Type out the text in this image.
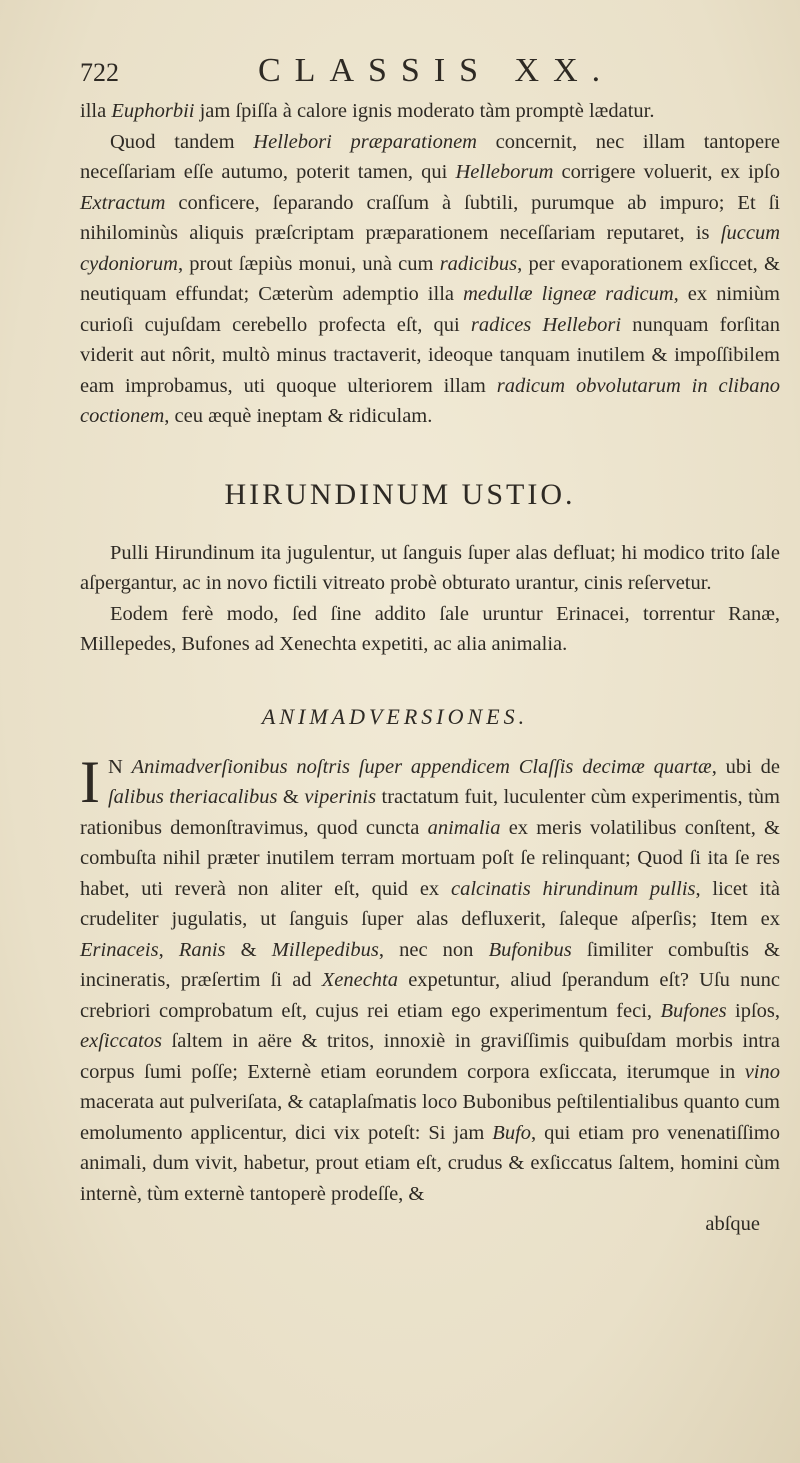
722	CLASSIS XX.

illa Euphorbii jam ſpiſſa à calore ignis moderato tàm promptè lædatur.

Quod tandem Hellebori præparationem concernit, nec illam tantopere neceſſariam eſſe autumo, poterit tamen, qui Helleborum corrigere voluerit, ex ipſo Extractum conficere, ſeparando craſſum à ſubtili, purumque ab impuro; Et ſi nihilominùs aliquis præſcriptam præparationem neceſſariam reputaret, is ſuccum cydoniorum, prout ſæpiùs monui, unà cum radicibus, per evaporationem exſiccet, & neutiquam effundat; Cæterùm ademptio illa medullæ ligneæ radicum, ex nimiùm curioſi cujuſdam cerebello profecta eſt, qui radices Hellebori nunquam forſitan viderit aut nôrit, multò minus tractaverit, ideoque tanquam inutilem & impoſſibilem eam improbamus, uti quoque ulteriorem illam radicum obvolutarum in clibano coctionem, ceu æquè ineptam & ridiculam.

HIRUNDINUM USTIO.

Pulli Hirundinum ita jugulentur, ut ſanguis ſuper alas defluat; hi modico trito ſale aſpergantur, ac in novo fictili vitreato probè obturato urantur, cinis reſervetur.

Eodem ferè modo, ſed ſine addito ſale uruntur Erinacei, torrentur Ranæ, Millepedes, Bufones ad Xenechta expetiti, ac alia animalia.

ANIMADVERSIONES.

I N Animadverſionibus noſtris ſuper appendicem Claſſis decimæ quartæ, ubi de ſalibus theriacalibus & viperinis tractatum fuit, luculenter cùm experimentis, tùm rationibus demonſtravimus, quod cuncta animalia ex meris volatilibus conſtent, & combuſta nihil præter inutilem terram mortuam poſt ſe relinquant; Quod ſi ita ſe res habet, uti reverà non aliter eſt, quid ex calcinatis hirundinum pullis, licet ità crudeliter jugulatis, ut ſanguis ſuper alas defluxerit, ſaleque aſperſis; Item ex Erinaceis, Ranis & Millepedibus, nec non Bufonibus ſimiliter combuſtis & incineratis, præſertim ſi ad Xenechta expetuntur, aliud ſperandum eſt? Uſu nunc crebriori comprobatum eſt, cujus rei etiam ego experimentum feci, Bufones ipſos, exſiccatos ſaltem in aëre & tritos, innoxiè in graviſſimis quibuſdam morbis intra corpus ſumi poſſe; Externè etiam eorundem corpora exſiccata, iterumque in vino macerata aut pulveriſata, & cataplaſmatis loco Bubonibus peſtilentialibus quanto cum emolumento applicentur, dici vix poteſt: Si jam Bufo, qui etiam pro venenatiſſimo animali, dum vivit, habetur, prout etiam eſt, crudus & exſiccatus ſaltem, homini cùm internè, tùm externè tantoperè prodeſſe, &

abſque
